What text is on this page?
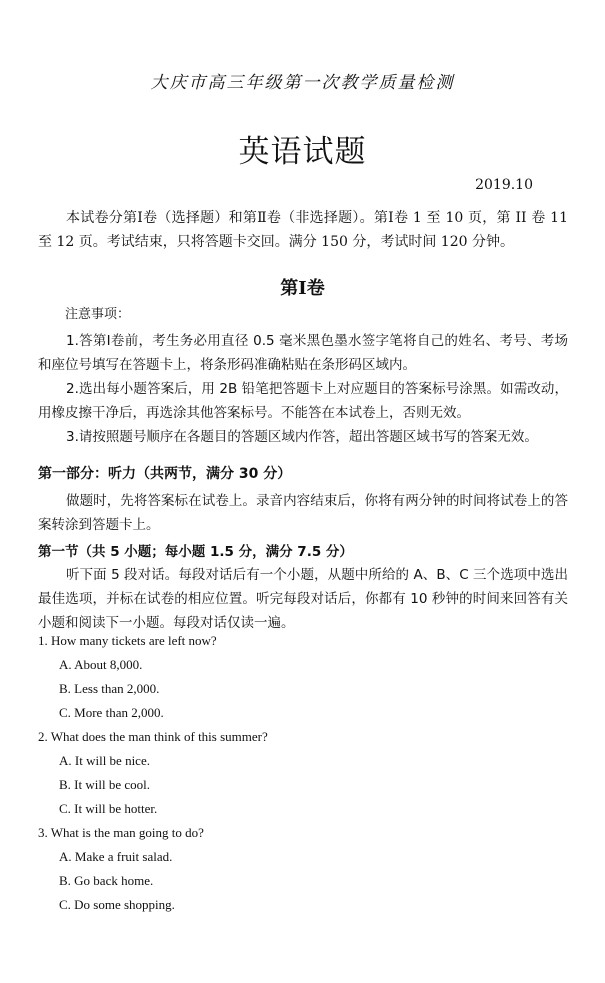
大庆市高三年级第一次教学质量检测
英语试题
2019.10
本试卷分第Ⅰ卷（选择题）和第Ⅱ卷（非选择题）。第Ⅰ卷 1 至 10 页，第 II 卷 11 至 12 页。考试结束，只将答题卡交回。满分 150 分，考试时间 120 分钟。
第Ⅰ卷
注意事项：
1.答第Ⅰ卷前，考生务必用直径 0.5 毫米黑色墨水签字笔将自己的姓名、考号、考场和座位号填写在答题卡上，将条形码准确粘贴在条形码区域内。
2.选出每小题答案后，用 2B 铅笔把答题卡上对应题目的答案标号涂黑。如需改动，用橡皮擦干净后，再选涂其他答案标号。不能答在本试卷上，否则无效。
3.请按照题号顺序在各题目的答题区域内作答，超出答题区域书写的答案无效。
第一部分：听力（共两节，满分 30 分）
做题时，先将答案标在试卷上。录音内容结束后，你将有两分钟的时间将试卷上的答案转涂到答题卡上。
第一节（共 5 小题；每小题 1.5 分，满分 7.5 分）
听下面 5 段对话。每段对话后有一个小题，从题中所给的 A、B、C 三个选项中选出最佳选项，并标在试卷的相应位置。听完每段对话后，你都有 10 秒钟的时间来回答有关小题和阅读下一小题。每段对话仅读一遍。
1. How many tickets are left now?
A. About 8,000.
B. Less than 2,000.
C. More than 2,000.
2. What does the man think of this summer?
A. It will be nice.
B. It will be cool.
C. It will be hotter.
3. What is the man going to do?
A. Make a fruit salad.
B. Go back home.
C. Do some shopping.
